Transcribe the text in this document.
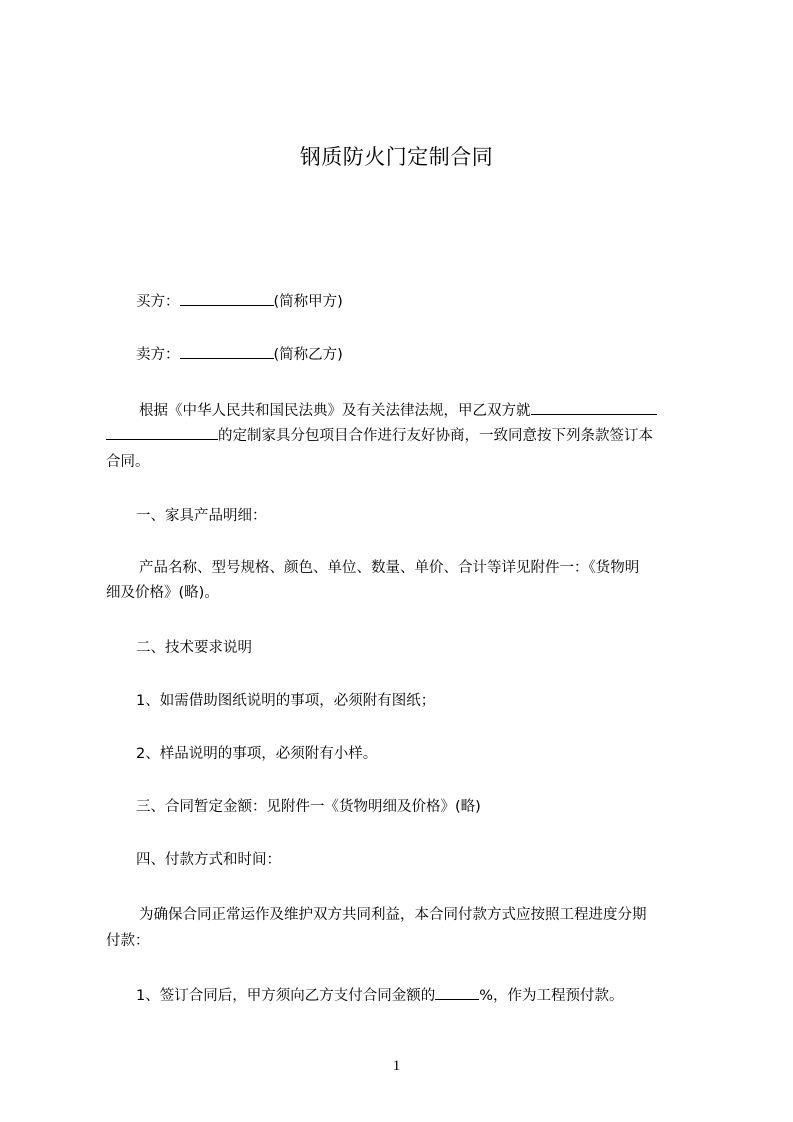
钢质防火门定制合同
买方：	(简称甲方)
卖方：	(简称乙方)
根据《中华人民共和国民法典》及有关法律法规，甲乙双方就
的定制家具分包项目合作进行友好协商，一致同意按下列条款签订本
合同。
一、家具产品明细：
产品名称、型号规格、颜色、单位、数量、单价、合计等详见附件一：《货物明
细及价格》(略)。
二、技术要求说明
1、如需借助图纸说明的事项，必须附有图纸；
2、样品说明的事项，必须附有小样。
三、合同暂定金额：见附件一《货物明细及价格》(略)
四、付款方式和时间：
为确保合同正常运作及维护双方共同利益，本合同付款方式应按照工程进度分期
付款：
1、签订合同后，甲方须向乙方支付合同金额的	%，作为工程预付款。
1
